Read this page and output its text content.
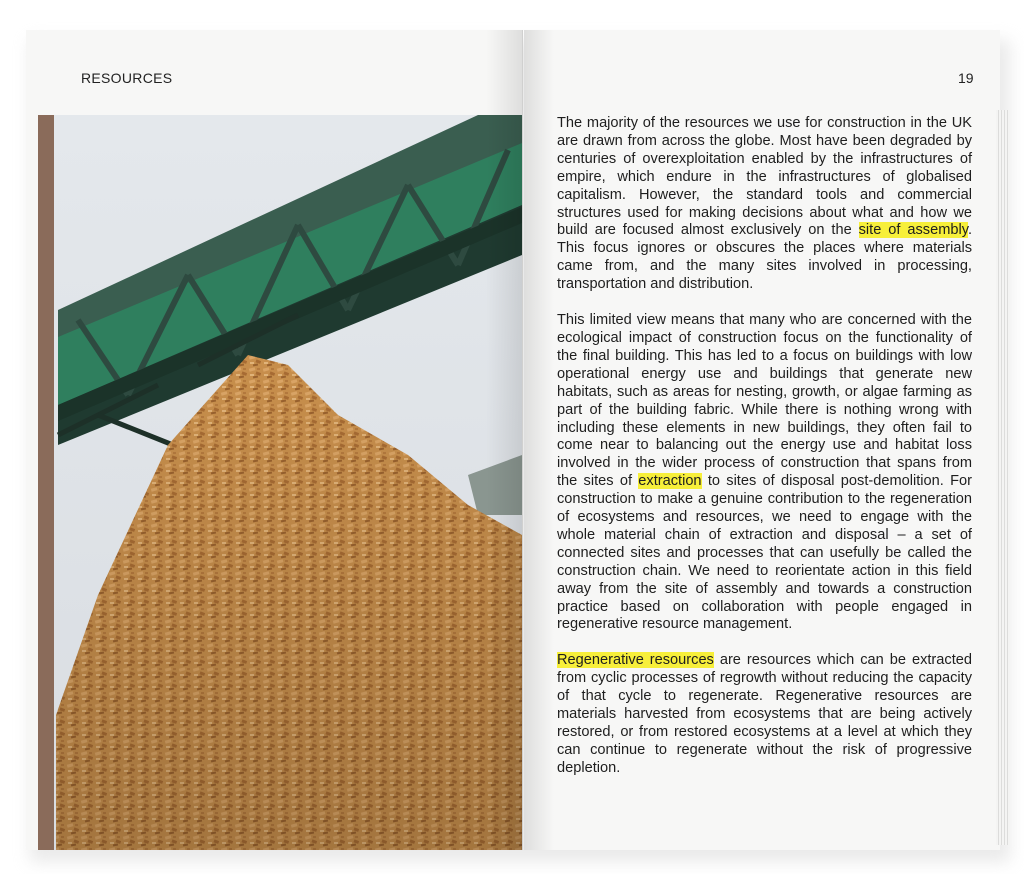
RESOURCES	19

The majority of the resources we use for construction in the UK are drawn from across the globe. Most have been degraded by centuries of overexploitation enabled by the infrastructures of empire, which endure in the infrastructures of globalised capitalism. However, the standard tools and commercial structures used for making decisions about what and how we build are focused almost exclusively on the site of assembly. This focus ignores or obscures the places where materials came from, and the many sites involved in processing, transportation and distribution.

This limited view means that many who are concerned with the ecological impact of construction focus on the functionality of the final building. This has led to a focus on buildings with low operational energy use and buildings that generate new habitats, such as areas for nesting, growth, or algae farming as part of the building fabric. While there is nothing wrong with including these elements in new buildings, they often fail to come near to balancing out the energy use and habitat loss involved in the wider process of construction that spans from the sites of extraction to sites of disposal post-demolition. For construction to make a genuine contribution to the regeneration of ecosystems and resources, we need to engage with the whole material chain of extraction and disposal – a set of connected sites and processes that can usefully be called the construction chain. We need to reorientate action in this field away from the site of assembly and towards a construction practice based on collaboration with people engaged in regenerative resource management.

Regenerative resources are resources which can be extracted from cyclic processes of regrowth without reducing the capacity of that cycle to regenerate. Regenerative resources are materials harvested from ecosystems that are being actively restored, or from restored ecosystems at a level at which they can continue to regenerate without the risk of progressive depletion.
